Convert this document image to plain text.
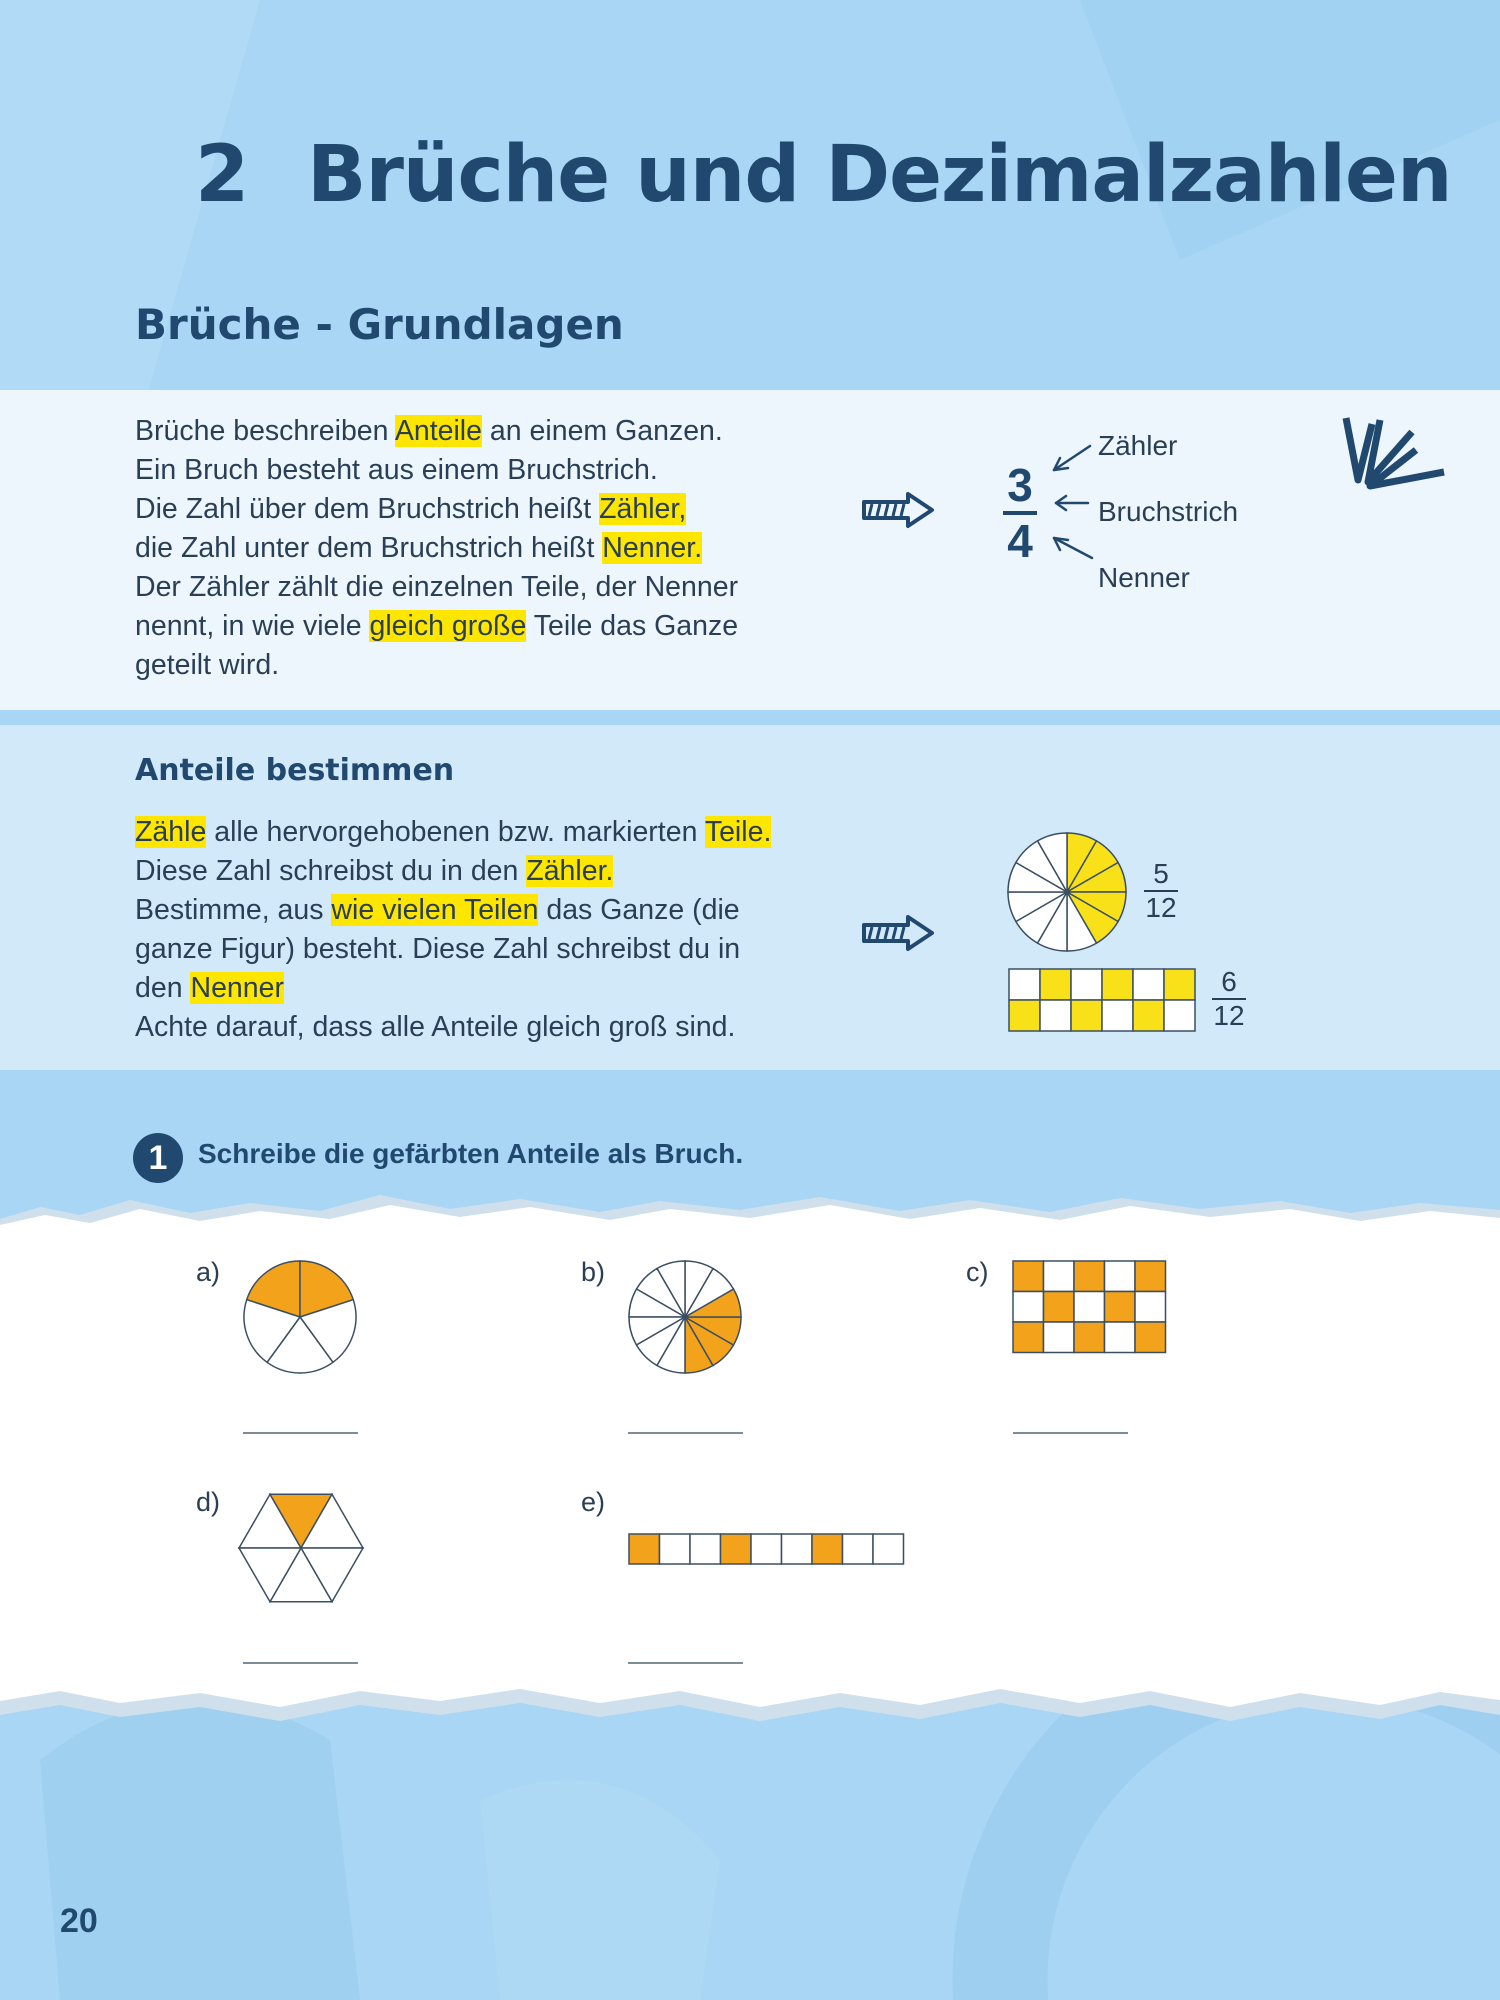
2 Brüche und Dezimalzahlen
Brüche - Grundlagen

Brüche beschreiben Anteile an einem Ganzen.
Ein Bruch besteht aus einem Bruchstrich.
Die Zahl über dem Bruchstrich heißt Zähler,
die Zahl unter dem Bruchstrich heißt Nenner.
Der Zähler zählt die einzelnen Teile, der Nenner
nennt, in wie viele gleich große Teile das Ganze
geteilt wird.

3
4
Zähler
Bruchstrich
Nenner
Anteile bestimmen

Zähle alle hervorgehobenen bzw. markierten Teile.
Diese Zahl schreibst du in den Zähler.
Bestimme, aus wie vielen Teilen das Ganze (die
ganze Figur) besteht. Diese Zahl schreibst du in
den Nenner
Achte darauf, dass alle Anteile gleich groß sind.

5
12
6
12
1	Schreibe die gefärbten Anteile als Bruch.
a)	b)	c)
d)	e)
20
